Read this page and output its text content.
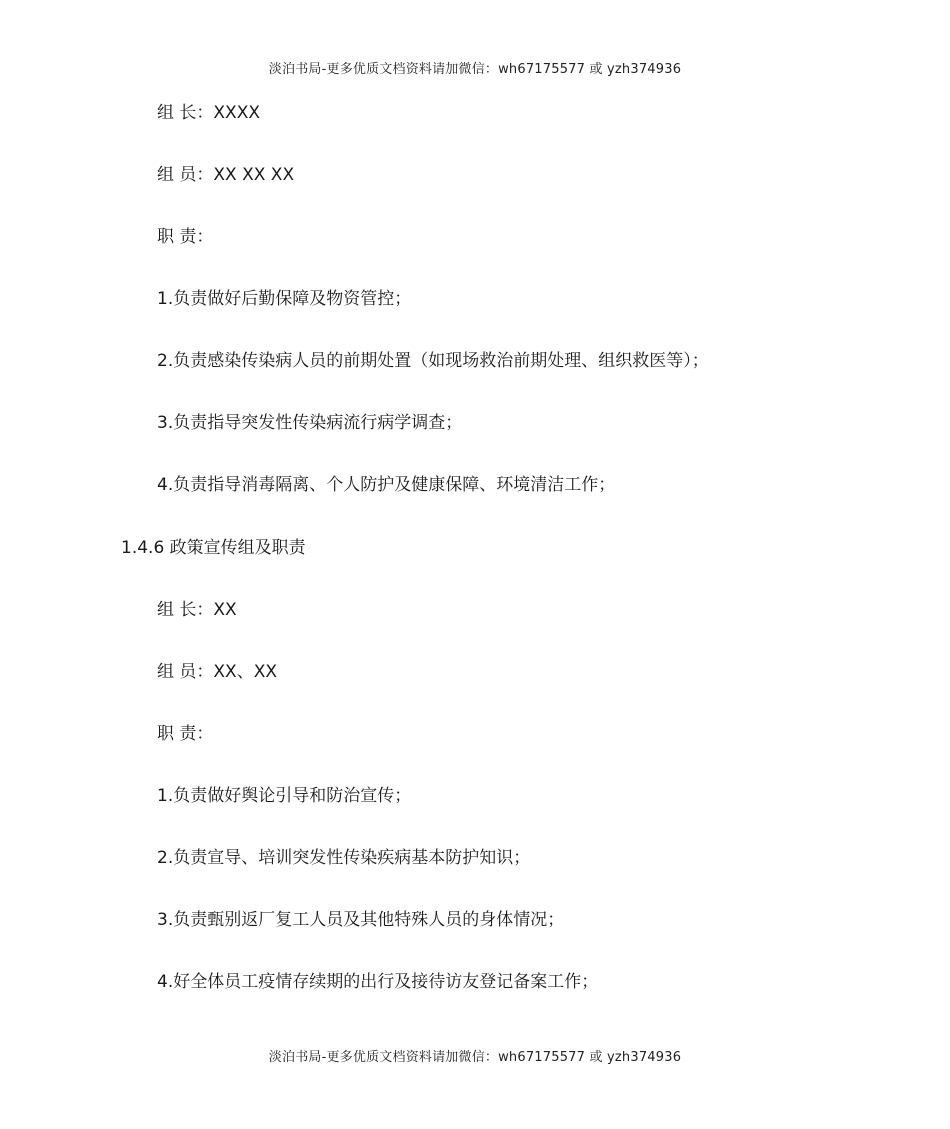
淡泊书局-更多优质文档资料请加微信：wh67175577 或 yzh374936
组 长：XXXX
组 员：XX XX XX
职 责：
1.负责做好后勤保障及物资管控；
2.负责感染传染病人员的前期处置（如现场救治前期处理、组织救医等）；
3.负责指导突发性传染病流行病学调查；
4.负责指导消毒隔离、个人防护及健康保障、环境清洁工作；
1.4.6 政策宣传组及职责
组 长：XX
组 员：XX、XX
职 责：
1.负责做好舆论引导和防治宣传；
2.负责宣导、培训突发性传染疾病基本防护知识；
3.负责甄别返厂复工人员及其他特殊人员的身体情况；
4.好全体员工疫情存续期的出行及接待访友登记备案工作；
淡泊书局-更多优质文档资料请加微信：wh67175577 或 yzh374936
